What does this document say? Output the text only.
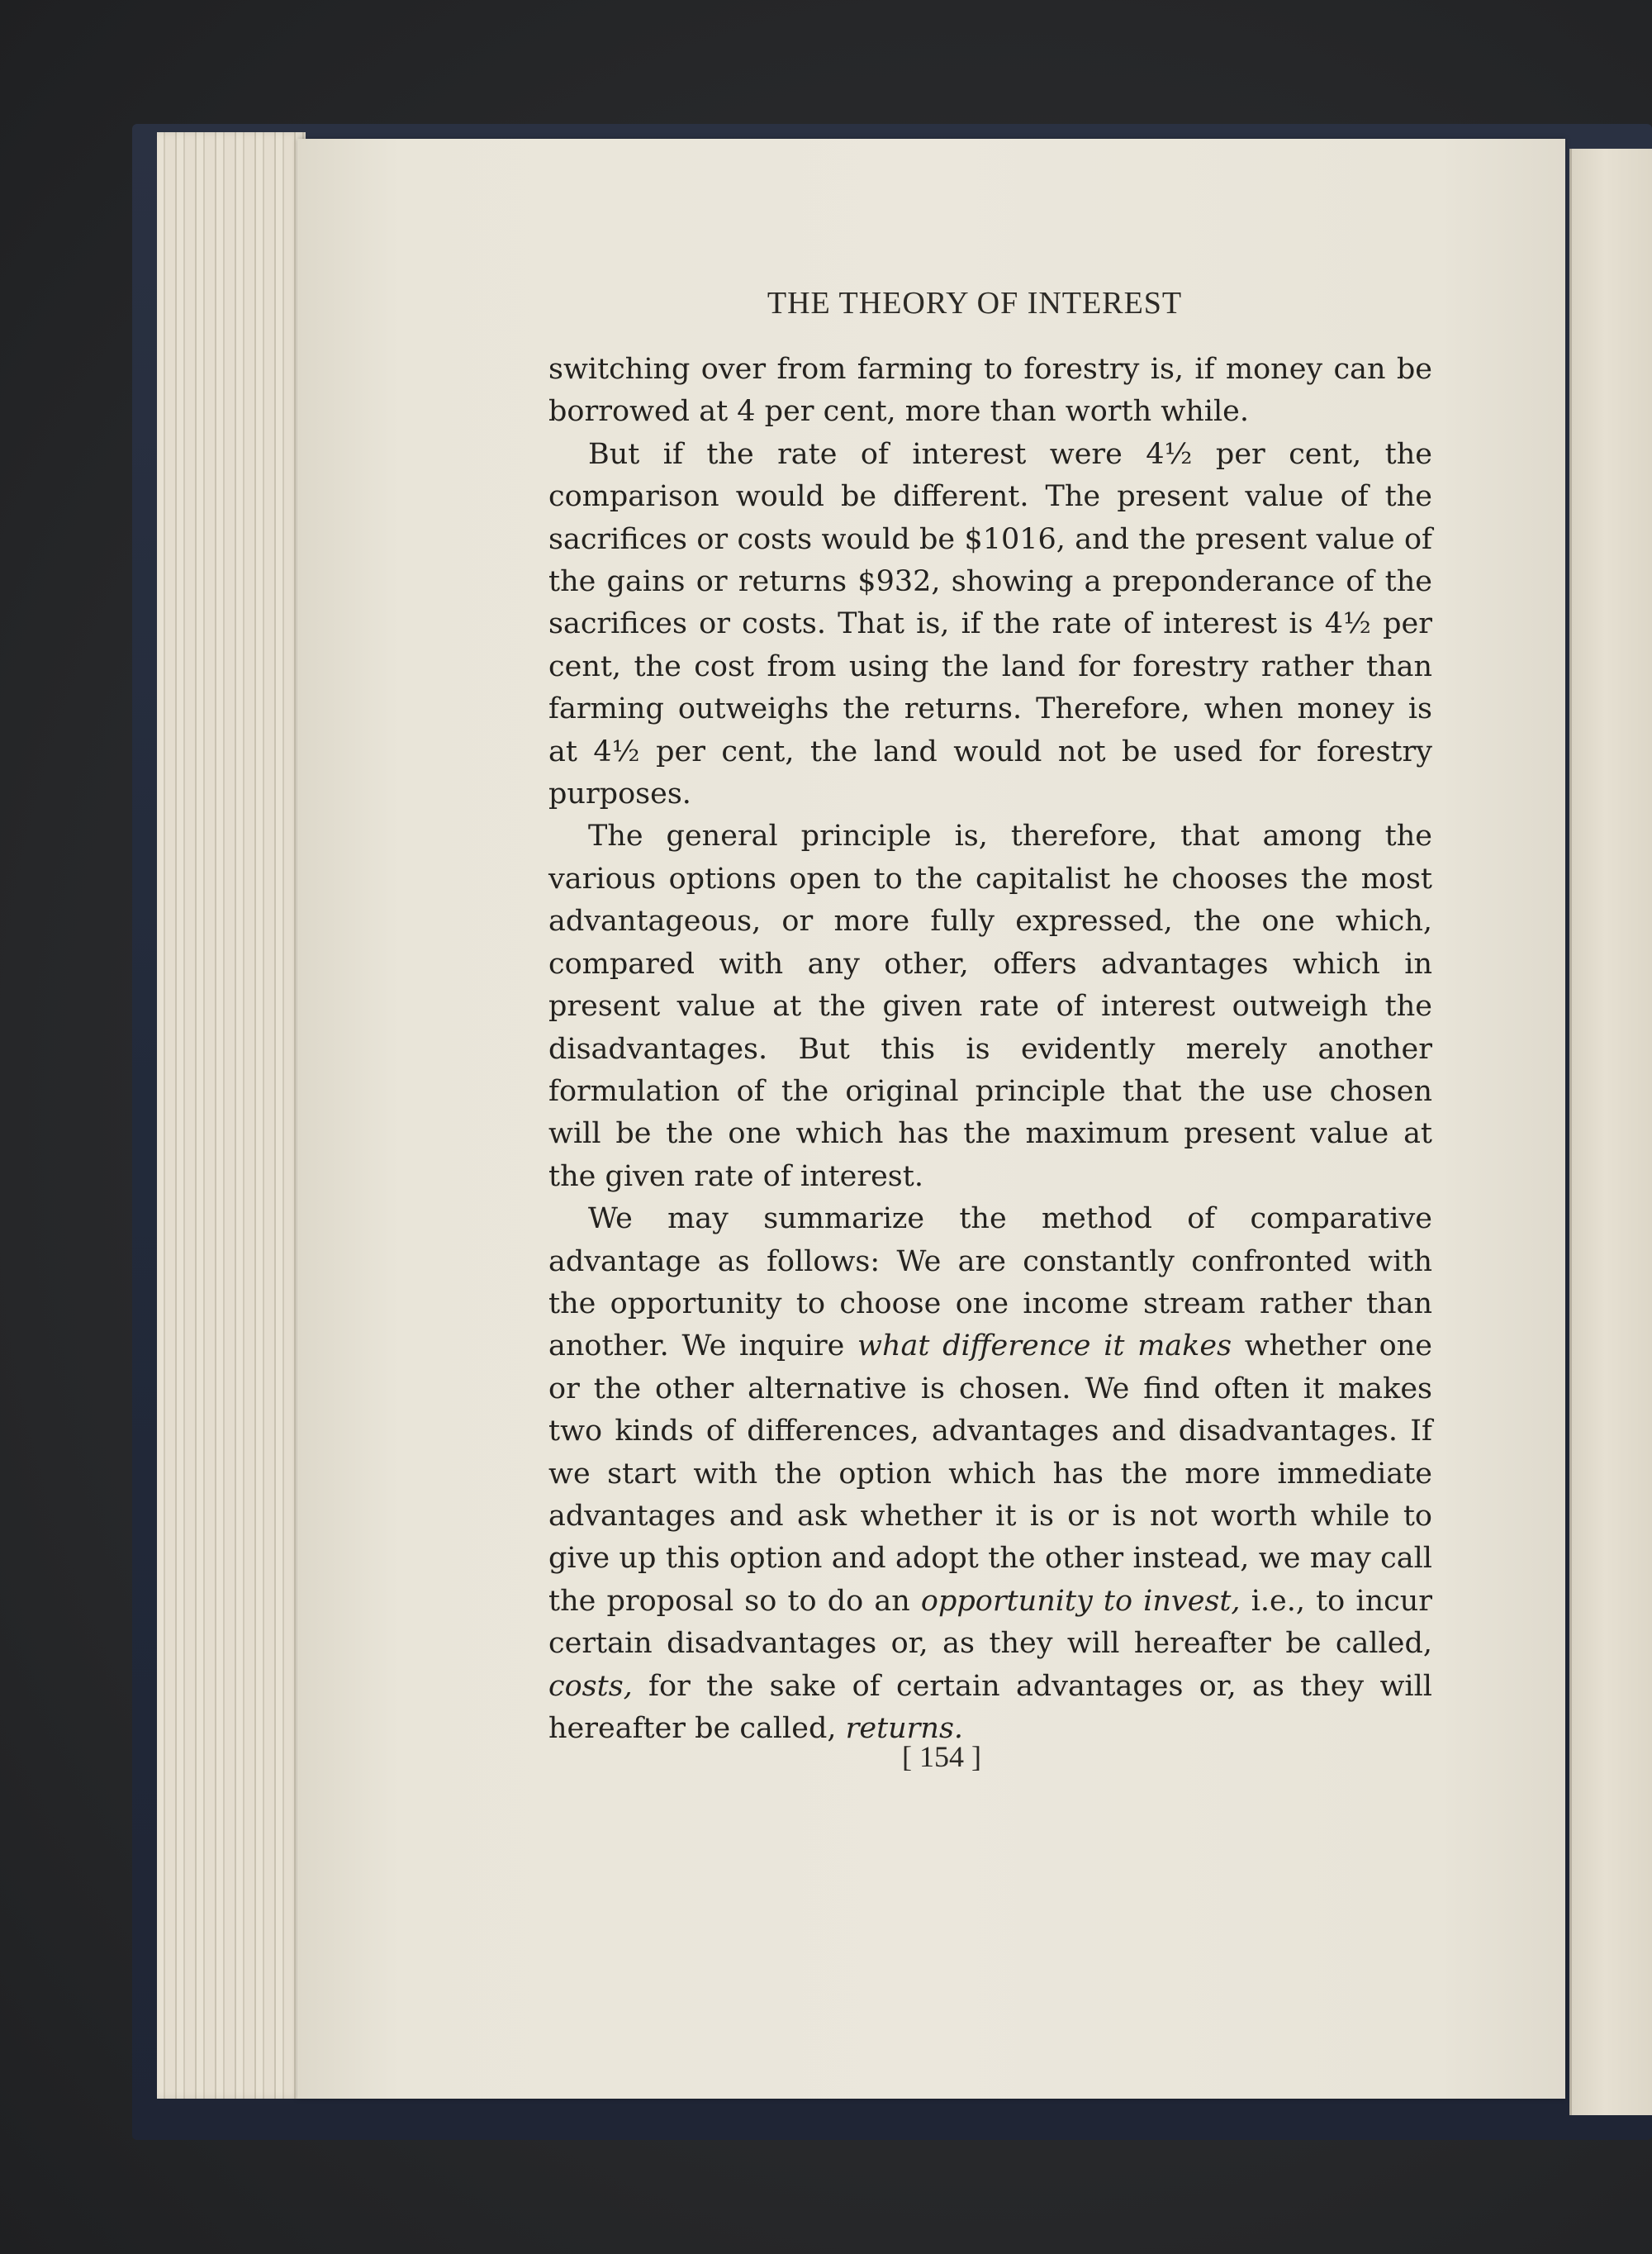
THE THEORY OF INTEREST

switching over from farming to forestry is, if money can be borrowed at 4 per cent, more than worth while.

But if the rate of interest were 4½ per cent, the comparison would be different. The present value of the sacrifices or costs would be $1016, and the present value of the gains or returns $932, showing a preponderance of the sacrifices or costs. That is, if the rate of interest is 4½ per cent, the cost from using the land for forestry rather than farming outweighs the returns. Therefore, when money is at 4½ per cent, the land would not be used for forestry purposes.

The general principle is, therefore, that among the various options open to the capitalist he chooses the most advantageous, or more fully expressed, the one which, compared with any other, offers advantages which in present value at the given rate of interest outweigh the disadvantages. But this is evidently merely another formulation of the original principle that the use chosen will be the one which has the maximum present value at the given rate of interest.

We may summarize the method of comparative advantage as follows: We are constantly confronted with the opportunity to choose one income stream rather than another. We inquire what difference it makes whether one or the other alternative is chosen. We find often it makes two kinds of differences, advantages and disadvantages. If we start with the option which has the more immediate advantages and ask whether it is or is not worth while to give up this option and adopt the other instead, we may call the proposal so to do an opportunity to invest, i.e., to incur certain disadvantages or, as they will hereafter be called, costs, for the sake of certain advantages or, as they will hereafter be called, returns.

[ 154 ]
